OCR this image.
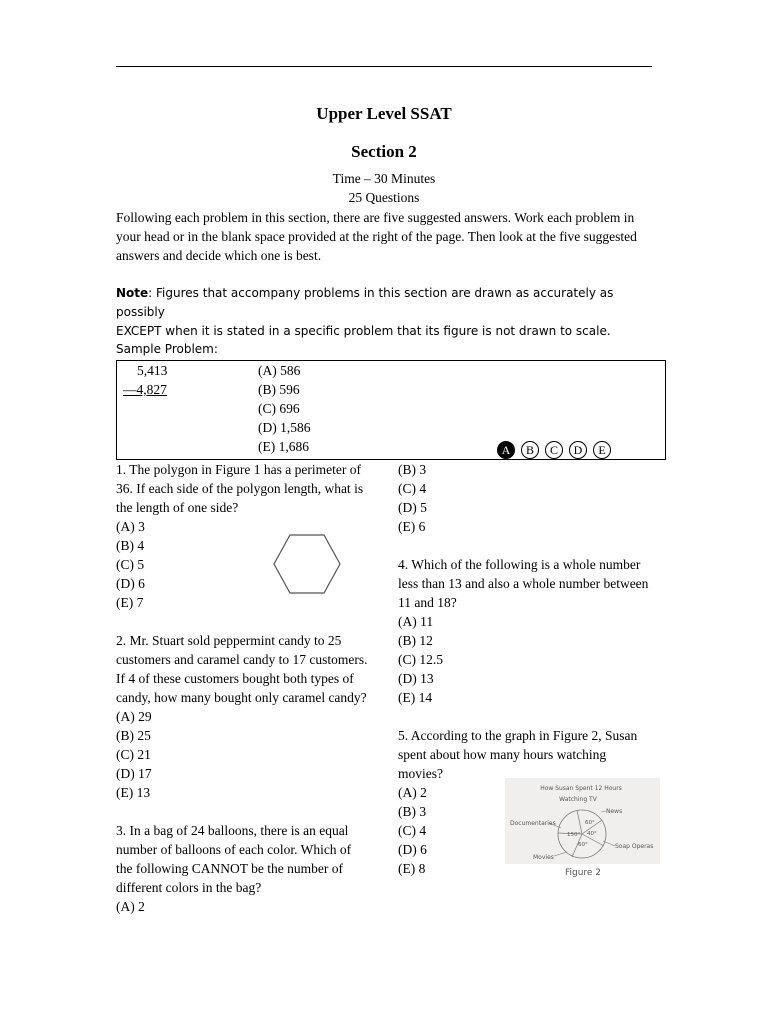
Upper Level SSAT
Section 2
Time – 30 Minutes
25 Questions
Following each problem in this section, there are five suggested answers. Work each problem in
your head or in the blank space provided at the right of the page. Then look at the five suggested
answers and decide which one is best.
Note: Figures that accompany problems in this section are drawn as accurately as possibly
EXCEPT when it is stated in a specific problem that its figure is not drawn to scale.
Sample Problem:
5,413
—4,827
(A) 586
(B) 596
(C) 696
(D) 1,586
(E) 1,686	A	B	C	D	E
1. The polygon in Figure 1 has a perimeter of
36. If each side of the polygon length, what is
the length of one side?
(A) 3
(B) 4
(C) 5
(D) 6
(E) 7
2. Mr. Stuart sold peppermint candy to 25
customers and caramel candy to 17 customers.
If 4 of these customers bought both types of
candy, how many bought only caramel candy?
(A) 29
(B) 25
(C) 21
(D) 17
(E) 13
3. In a bag of 24 balloons, there is an equal
number of balloons of each color. Which of
the following CANNOT be the number of
different colors in the bag?
(A) 2
(B) 3
(C) 4
(D) 5
(E) 6
4. Which of the following is a whole number
less than 13 and also a whole number between
11 and 18?
(A) 11
(B) 12
(C) 12.5
(D) 13
(E) 14
5. According to the graph in Figure 2, Susan
spent about how many hours watching
movies?
(A) 2
(B) 3
(C) 4
(D) 6
(E) 8
How Susan Spent 12 Hours
Watching TV
News
Documentaries
Soap Operas
Movies
60°
150° 40°
60°
Figure 2
